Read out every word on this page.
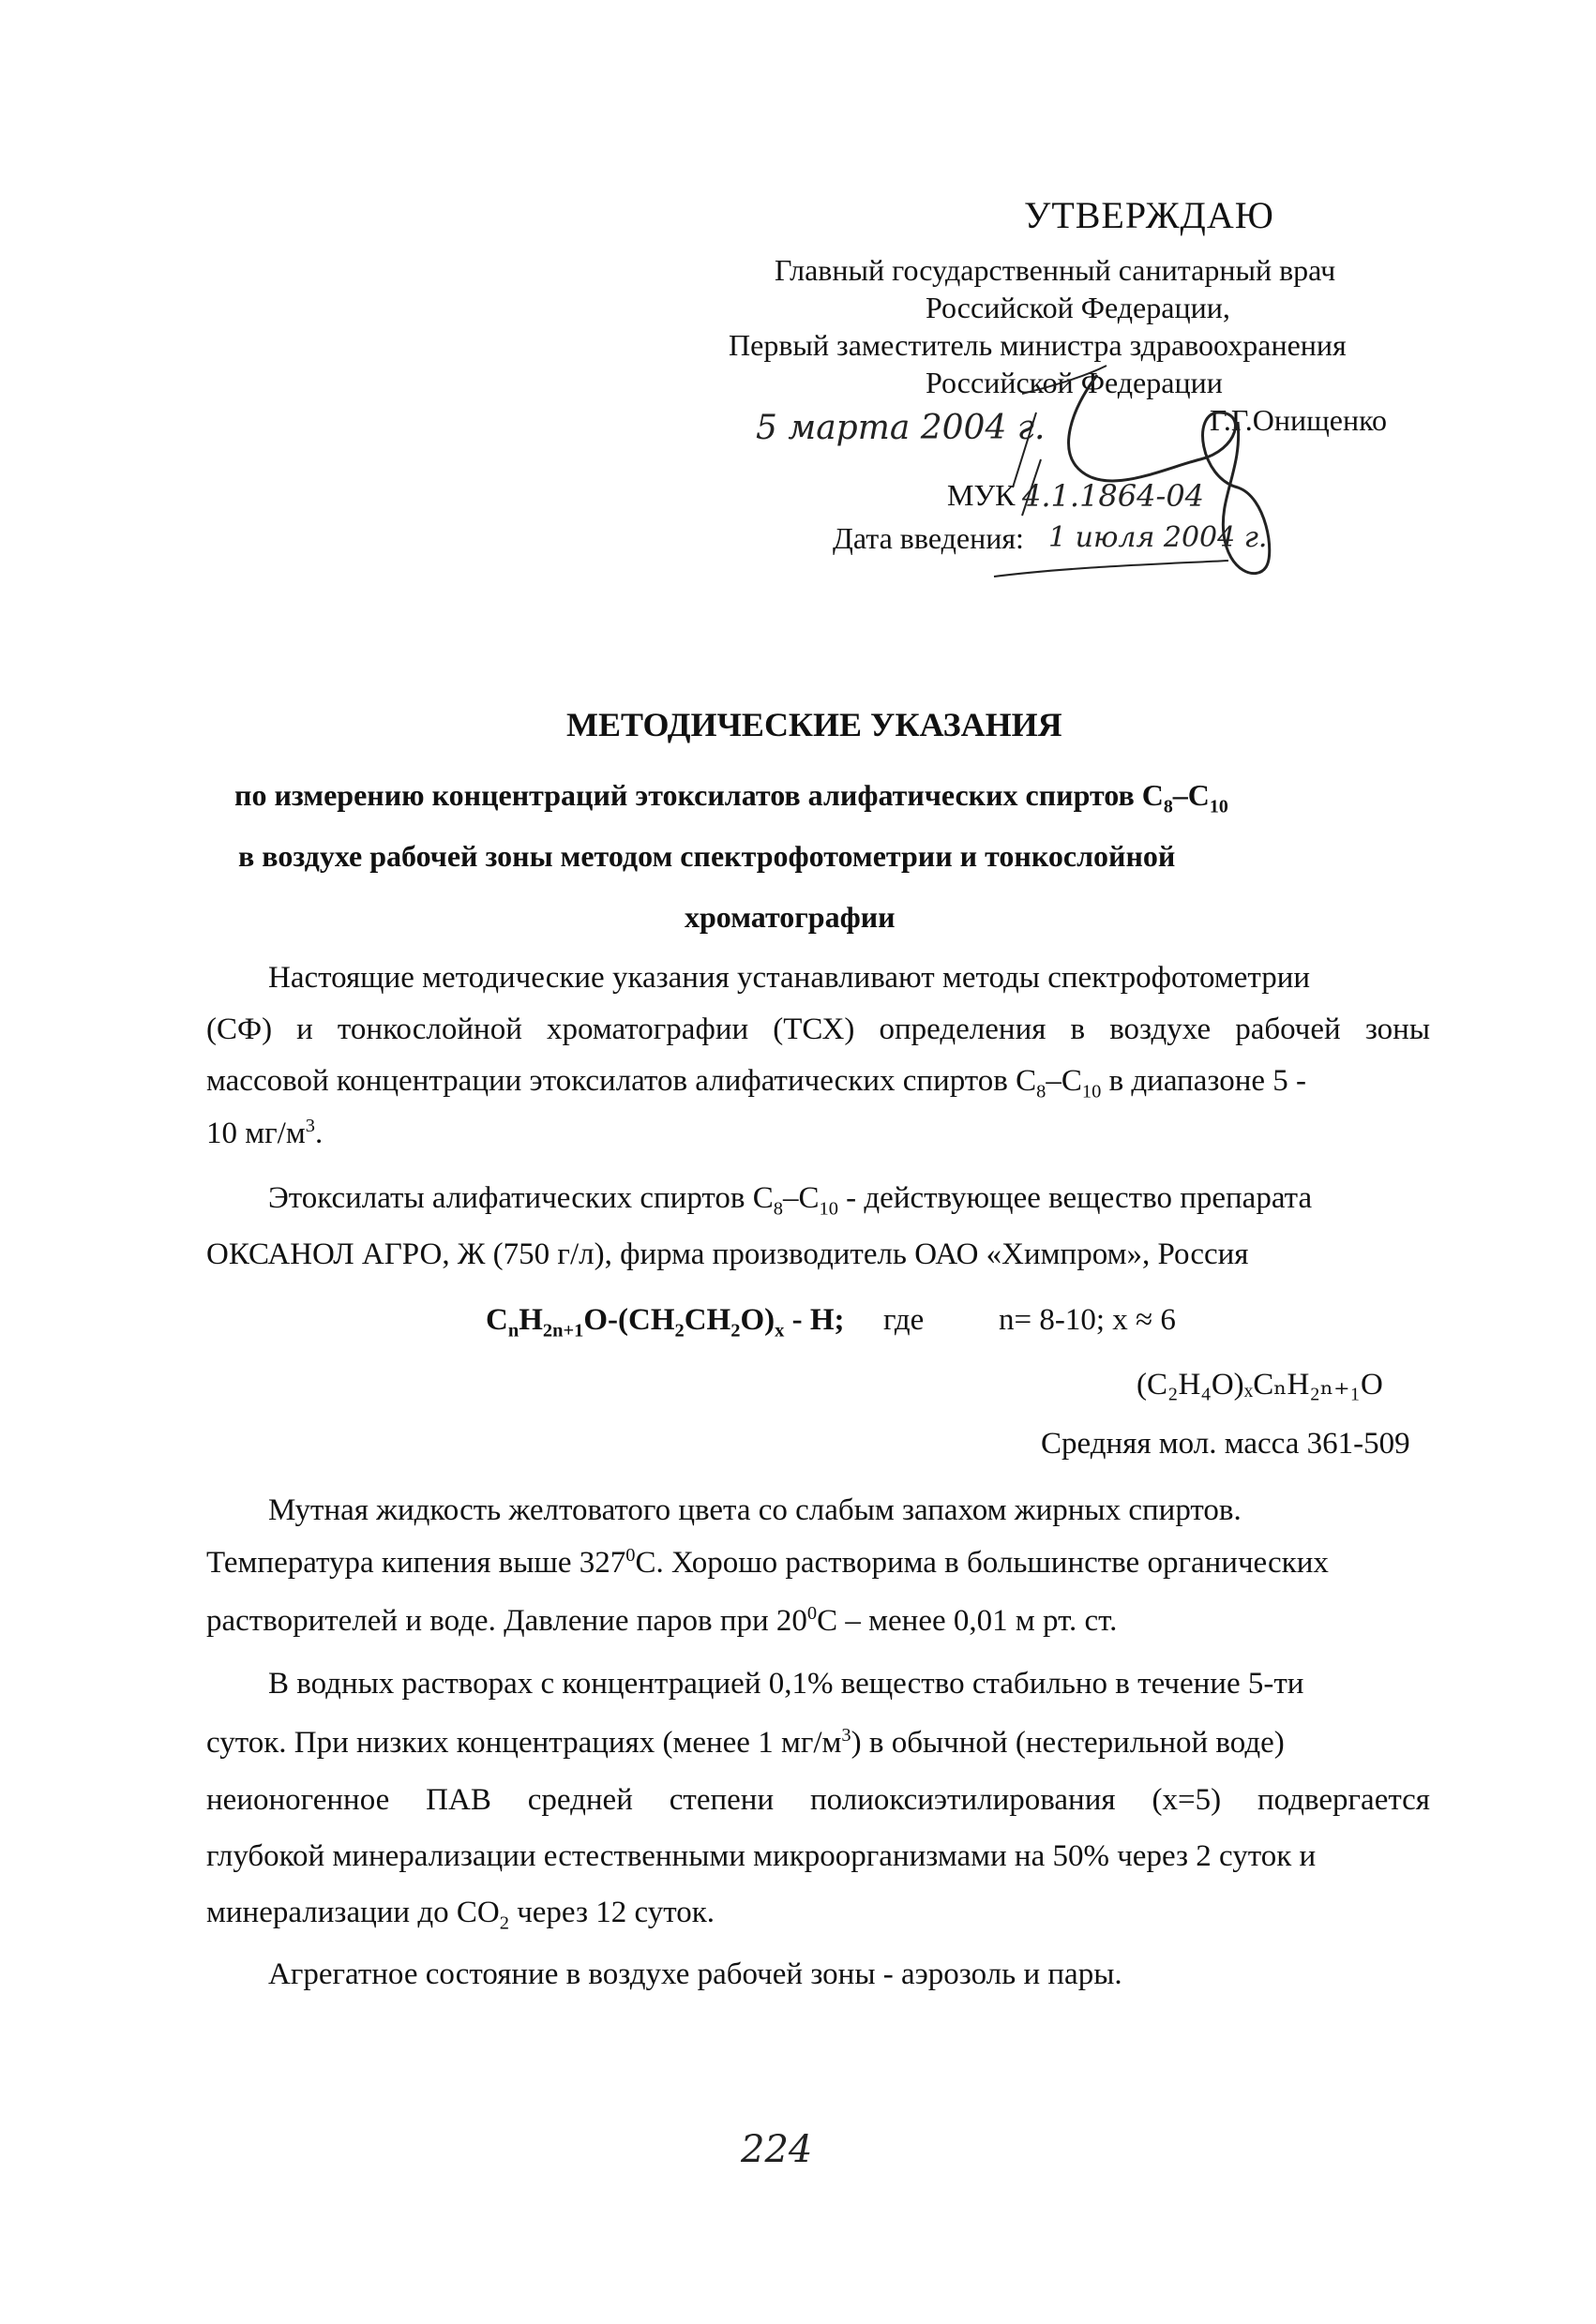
УТВЕРЖДАЮ
Главный государственный санитарный врач
Российской Федерации,
Первый заместитель министра здравоохранения
Российской Федерации
5 марта 2004 г.	Г.Г.Онищенко
МУК 4.1.1864-04
Дата введения: 1 июля 2004 г.
МЕТОДИЧЕСКИЕ УКАЗАНИЯ
по измерению концентраций этоксилатов алифатических спиртов $С_8-С_{10}$
в воздухе рабочей зоны методом спектрофотометрии и тонкослойной
хроматографии
Настоящие методические указания устанавливают методы спектрофотометрии
(СФ) и тонкослойной хроматографии (ТСХ) определения в воздухе рабочей зоны
массовой концентрации этоксилатов алифатических спиртов $С_8-С_{10}$ в диапазоне 5 -
10 $мг/м^3$.
Этоксилаты алифатических спиртов $С_8-С_{10}$ - действующее вещество препарата
ОКСАНОЛ АГРО, Ж (750 г/л), фирма производитель ОАО «Химпром», Россия
$C_nH_{2n+1}O-(CH_2CH_2O)_x$ - H; где n= 8-10; x ≈ 6
(C₂H₄O)ₓCₙH₂ₙ₊₁O
Средняя мол. масса 361-509
Мутная жидкость желтоватого цвета со слабым запахом жирных спиртов.
Температура кипения выше $327^0С$. Хорошо растворима в большинстве органических
растворителей и воде. Давление паров при $20^0С$ – менее 0,01 м рт. ст.
В водных растворах с концентрацией 0,1% вещество стабильно в течение 5-ти
суток. При низких концентрациях (менее 1 $мг/м^3$) в обычной (нестерильной воде)
неионогенное ПАВ средней степени полиоксиэтилирования (х=5) подвергается
глубокой минерализации естественными микроорганизмами на 50% через 2 суток и
минерализации до $СО_2$ через 12 суток.
Агрегатное состояние в воздухе рабочей зоны - аэрозоль и пары.
224
